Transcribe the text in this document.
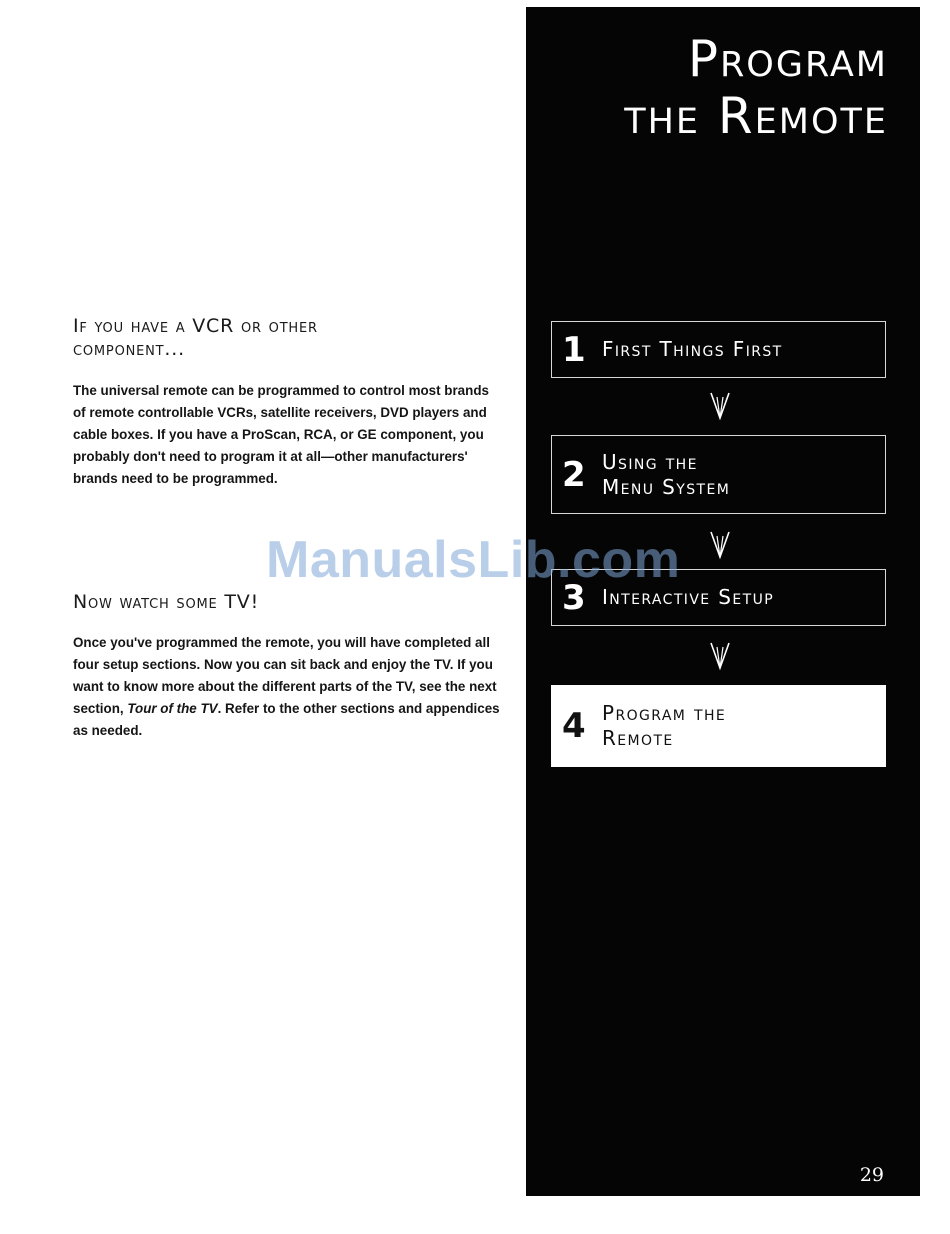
If you have a VCR or other
component...

The universal remote can be programmed to control most brands of remote controllable VCRs, satellite receivers, DVD players and cable boxes. If you have a ProScan, RCA, or GE component, you probably don't need to program it at all—other manufacturers' brands need to be programmed.

Now watch some TV!

Once you've programmed the remote, you will have completed all four setup sections. Now you can sit back and enjoy the TV. If you want to know more about the different parts of the TV, see the next section, Tour of the TV. Refer to the other sections and appendices as needed.

Program
the Remote
1 First Things First
2 Using the
Menu System
3 Interactive Setup
4 Program the
Remote
29
ManualsLib.com
